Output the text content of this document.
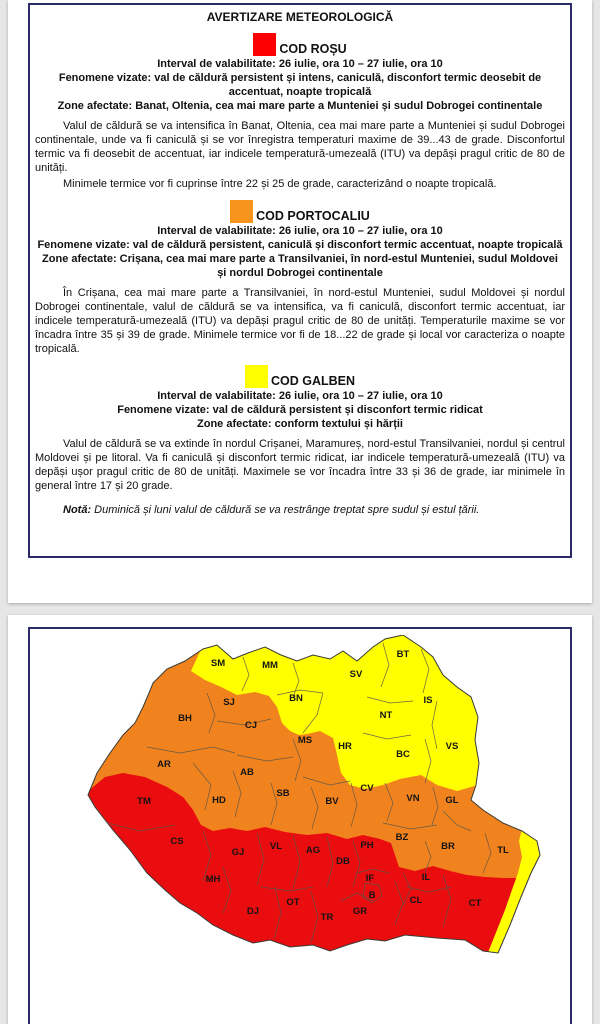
AVERTIZARE METEOROLOGICĂ
COD ROȘU
Interval de valabilitate: 26 iulie, ora 10 – 27 iulie, ora 10
Fenomene vizate: val de căldură persistent și intens, caniculă, disconfort termic deosebit de accentuat, noapte tropicală
Zone afectate: Banat, Oltenia, cea mai mare parte a Munteniei și sudul Dobrogei continentale

Valul de căldură se va intensifica în Banat, Oltenia, cea mai mare parte a Munteniei și sudul Dobrogei continentale, unde va fi caniculă și se vor înregistra temperaturi maxime de 39...43 de grade. Disconfortul termic va fi deosebit de accentuat, iar indicele temperatură-umezeală (ITU) va depăși pragul critic de 80 de unități.

Minimele termice vor fi cuprinse între 22 și 25 de grade, caracterizând o noapte tropicală.

COD PORTOCALIU
Interval de valabilitate: 26 iulie, ora 10 – 27 iulie, ora 10
Fenomene vizate: val de căldură persistent, caniculă și disconfort termic accentuat, noapte tropicală
Zone afectate: Crișana, cea mai mare parte a Transilvaniei, în nord-estul Munteniei, sudul Moldovei și nordul Dobrogei continentale

În Crișana, cea mai mare parte a Transilvaniei, în nord-estul Munteniei, sudul Moldovei și nordul Dobrogei continentale, valul de căldură se va intensifica, va fi caniculă, disconfort termic accentuat, iar indicele temperatură-umezeală (ITU) va depăși pragul critic de 80 de unități. Temperaturile maxime se vor încadra între 35 și 39 de grade. Minimele termice vor fi de 18...22 de grade și local vor caracteriza o noapte tropicală.

COD GALBEN
Interval de valabilitate: 26 iulie, ora 10 – 27 iulie, ora 10
Fenomene vizate: val de căldură persistent și disconfort termic ridicat
Zone afectate: conform textului și hărții

Valul de căldură se va extinde în nordul Crișanei, Maramureș, nord-estul Transilvaniei, nordul și centrul Moldovei și pe litoral. Va fi caniculă și disconfort termic ridicat, iar indicele temperatură-umezeală (ITU) va depăși ușor pragul critic de 80 de unități. Maximele se vor încadra între 33 și 36 de grade, iar minimele în general între 17 și 20 grade.

Notă: Duminică și luni valul de căldură se va restrânge treptat spre sudul și estul țării.
SM	MM
BT
SV
BN	IS
NT
HR
BC
VS
SJ
BH
CJ
MS
AR
AB
SB
HD	BV
CV
VN	GL
BZ
BR	TL
TM
CS
MH
GJ
VL	AG
DB
PH
DJ
OT
TR
GR
IF
B
IL
CL	CT
